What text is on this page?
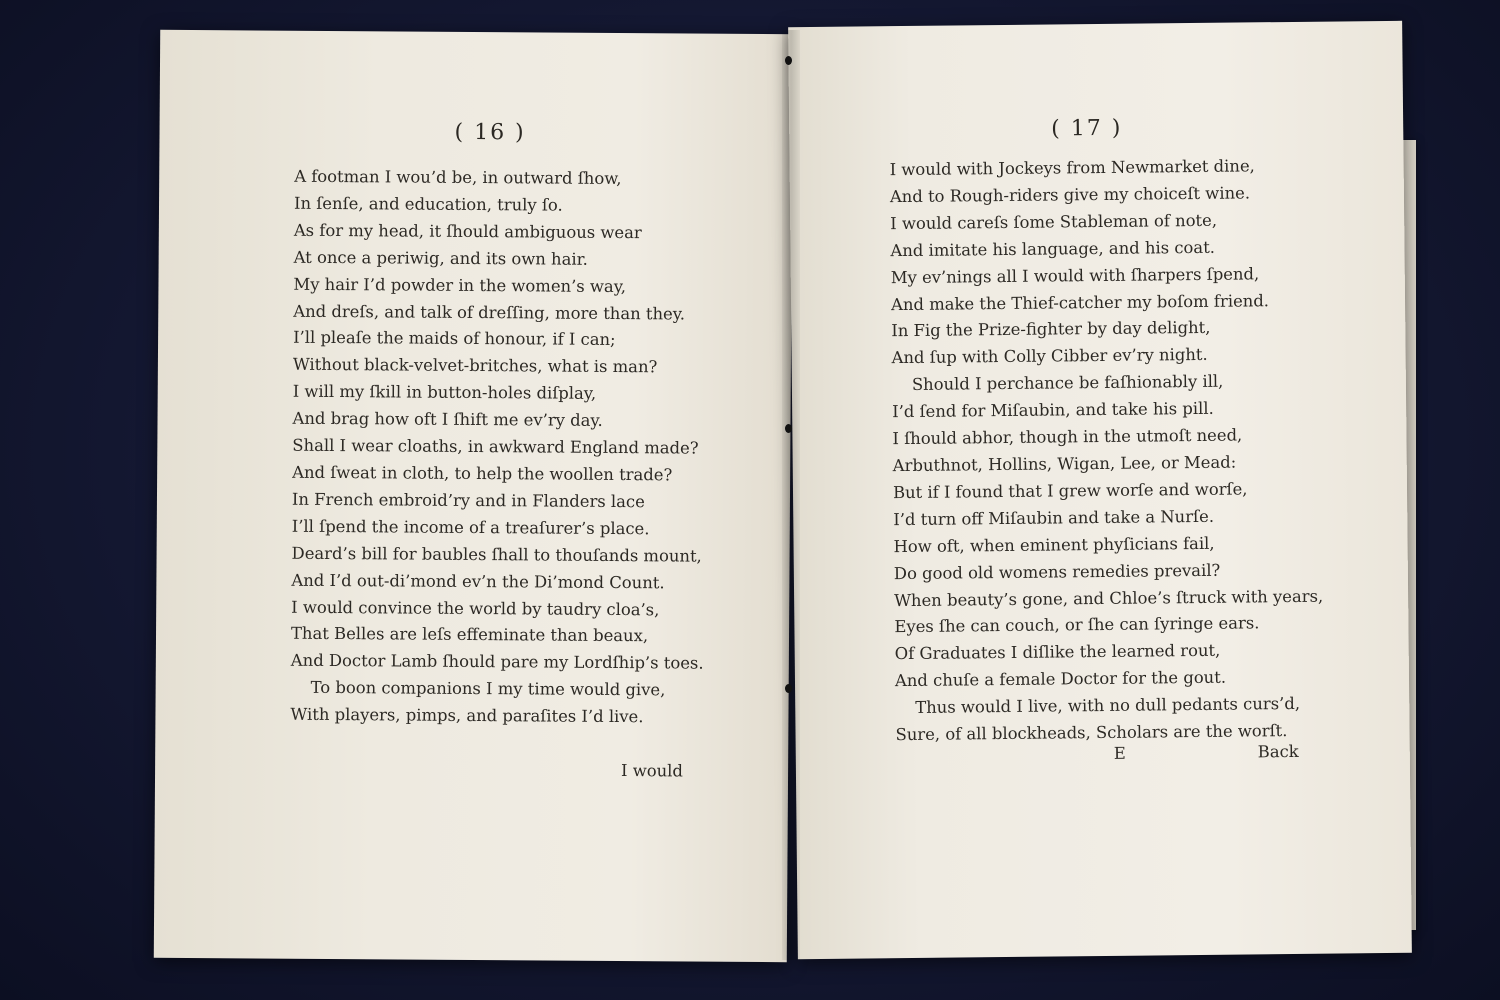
( 16 )
A footman I wou’d be, in outward ſhow,
In ſenſe, and education, truly ſo.
As for my head, it ſhould ambiguous wear
At once a periwig, and its own hair.
My hair I’d powder in the women’s way,
And dreſs, and talk of dreſſing, more than they.
I’ll pleaſe the maids of honour, if I can;
Without black-velvet-britches, what is man?
I will my ſkill in button-holes diſplay,
And brag how oft I ſhift me ev’ry day.
Shall I wear cloaths, in awkward England made?
And ſweat in cloth, to help the woollen trade?
In French embroid’ry and in Flanders lace
I’ll ſpend the income of a treaſurer’s place.
Deard’s bill for baubles ſhall to thouſands mount,
And I’d out-di’mond ev’n the Di’mond Count.
I would convince the world by taudry cloa’s,
That Belles are leſs effeminate than beaux,
And Doctor Lamb ſhould pare my Lordſhip’s toes.
To boon companions I my time would give,
With players, pimps, and paraſites I’d live.
I would
( 17 )
I would with Jockeys from Newmarket dine,
And to Rough-riders give my choiceſt wine.
I would careſs ſome Stableman of note,
And imitate his language, and his coat.
My ev’nings all I would with ſharpers ſpend,
And make the Thief-catcher my boſom friend.
In Fig the Prize-fighter by day delight,
And ſup with Colly Cibber ev’ry night.
Should I perchance be faſhionably ill,
I’d ſend for Miſaubin, and take his pill.
I ſhould abhor, though in the utmoſt need,
Arbuthnot, Hollins, Wigan, Lee, or Mead:
But if I found that I grew worſe and worſe,
I’d turn off Miſaubin and take a Nurſe.
How oft, when eminent phyſicians fail,
Do good old womens remedies prevail?
When beauty’s gone, and Chloe’s ſtruck with years,
Eyes ſhe can couch, or ſhe can ſyringe ears.
Of Graduates I diſlike the learned rout,
And chuſe a female Doctor for the gout.
Thus would I live, with no dull pedants curs’d,
Sure, of all blockheads, Scholars are the worſt.
E	Back
